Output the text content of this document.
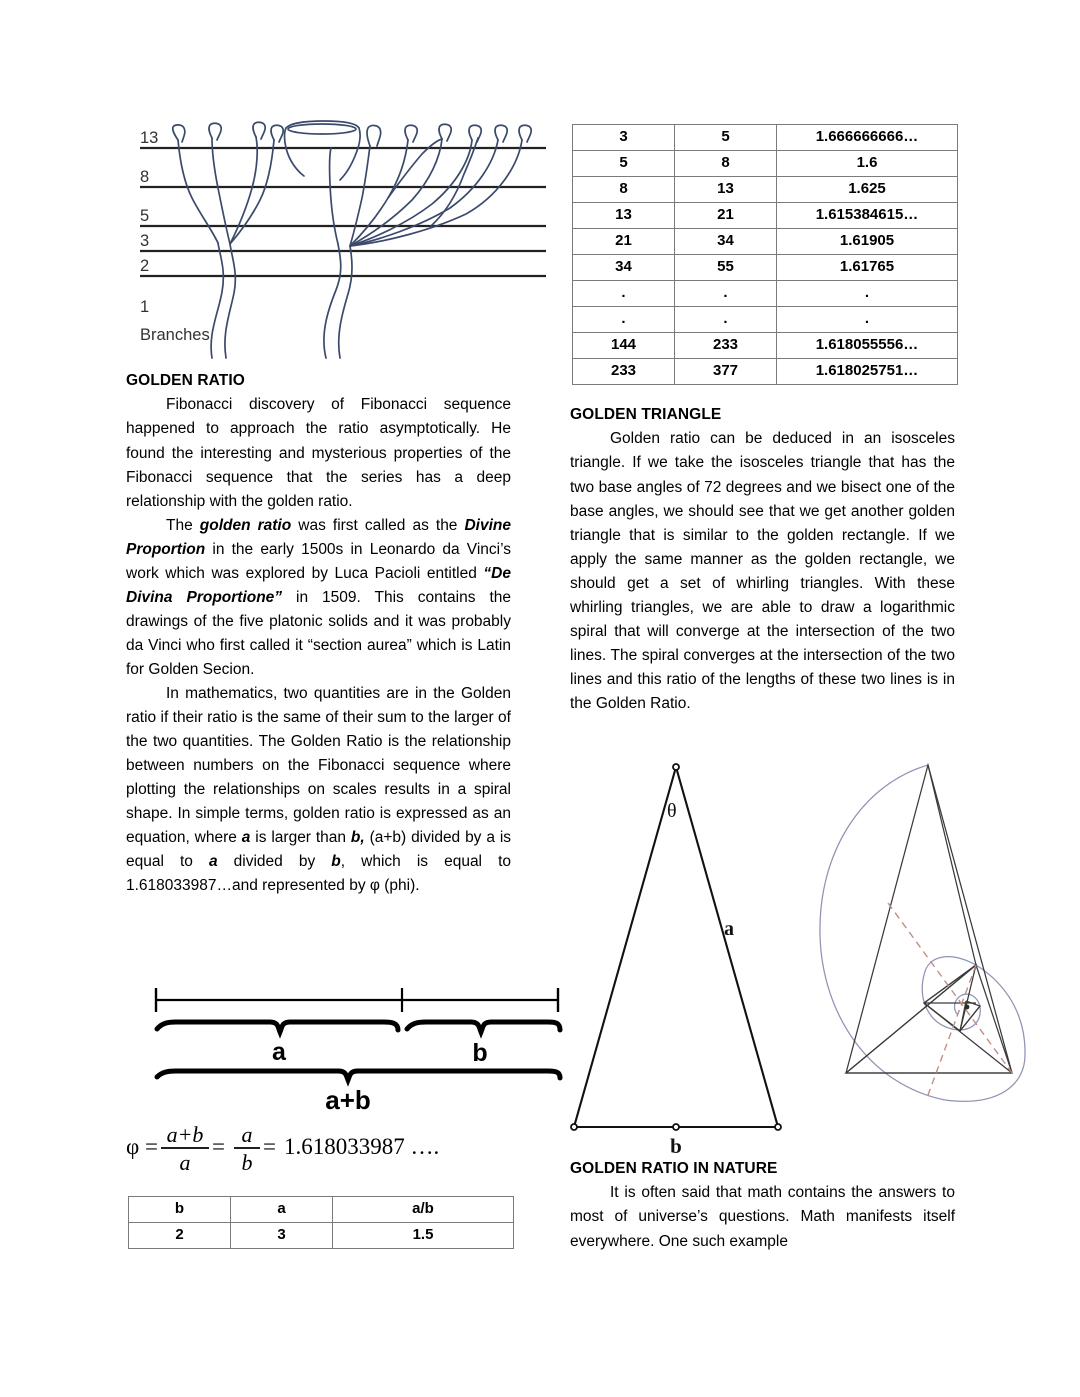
13
8
5
3
2
1
Branches
3	5	1.666666666…
5	8	1.6
8	13	1.625
13	21	1.615384615…
21	34	1.61905
34	55	1.61765
.	.	.
.	.	.
144	233	1.618055556…
233	377	1.618025751…
GOLDEN RATIO

Fibonacci discovery of Fibonacci sequence happened to approach the ratio asymptotically. He found the interesting and mysterious properties of the Fibonacci sequence that the series has a deep relationship with the golden ratio.

The golden ratio was first called as the Divine Proportion in the early 1500s in Leonardo da Vinci’s work which was explored by Luca Pacioli entitled “De Divina Proportione” in 1509. This contains the drawings of the five platonic solids and it was probably da Vinci who first called it “section aurea” which is Latin for Golden Secion.

In mathematics, two quantities are in the Golden ratio if their ratio is the same of their sum to the larger of the two quantities. The Golden Ratio is the relationship between numbers on the Fibonacci sequence where plotting the relationships on scales results in a spiral shape. In simple terms, golden ratio is expressed as an equation, where a is larger than b, (a+b) divided by a is equal to a divided by b, which is equal to 1.618033987…and represented by φ (phi).

a	b
a+b
φ = a+b
a
= a
b
= 1.618033987 ….
b	a	a/b
2	3	1.5
GOLDEN TRIANGLE

Golden ratio can be deduced in an isosceles triangle. If we take the isosceles triangle that has the two base angles of 72 degrees and we bisect one of the base angles, we should see that we get another golden triangle that is similar to the golden rectangle. If we apply the same manner as the golden rectangle, we should get a set of whirling triangles. With these whirling triangles, we are able to draw a logarithmic spiral that will converge at the intersection of the two lines. The spiral converges at the intersection of the two lines and this ratio of the lengths of these two lines is in the Golden Ratio.

θ
a
b
GOLDEN RATIO IN NATURE

It is often said that math contains the answers to most of universe’s questions. Math manifests itself everywhere. One such example
